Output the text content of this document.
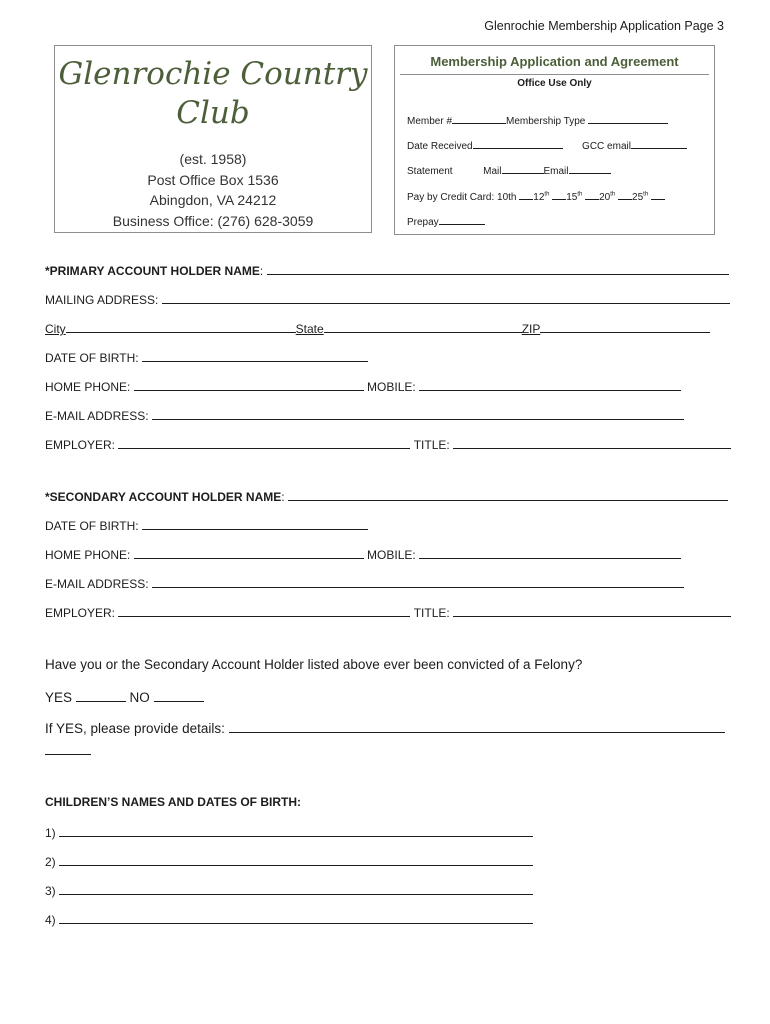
Glenrochie Membership Application Page 3
Glenrochie Country
Club
(est. 1958)
Post Office Box 1536
Abingdon, VA 24212
Business Office: (276) 628-3059
Membership Application and Agreement
Office Use Only
Member #	Membership Type
Date Received	GCC email
Statement	Mail	Email
Pay by Credit Card: 10th 12th 15th 20th 25th
Prepay
*PRIMARY ACCOUNT HOLDER NAME:
MAILING ADDRESS:
City	State	ZIP
DATE OF BIRTH:
HOME PHONE:	MOBILE:
E-MAIL ADDRESS:
EMPLOYER:	TITLE:
*SECONDARY ACCOUNT HOLDER NAME:
DATE OF BIRTH:
HOME PHONE:	MOBILE:
E-MAIL ADDRESS:
EMPLOYER:	TITLE:
Have you or the Secondary Account Holder listed above ever been convicted of a Felony?
YES	NO
If YES, please provide details:
CHILDREN’S NAMES AND DATES OF BIRTH:
1)
2)
3)
4)
